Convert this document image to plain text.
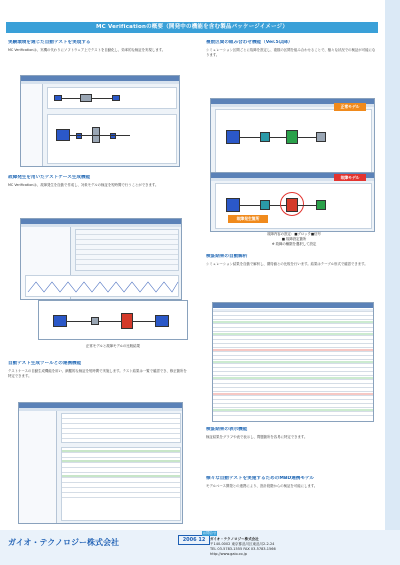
MC Verificationの概要（開発中の機能を含む製品パッケージイメージ）
実験環境を通じた自動テストを実現する
MC Verificationは、実機の代わりにソフトウェア上でテストを自動化し、効率的な検証を実現します。
故障発生を用いたテストケース生成機能
MC Verificationは、故障発生を自動で作成し、対象モデルの検証を短時間で行うことができます。
正常モデルと故障モデルの比較結果
自動テスト生成ツールとの連携機能
テストケースの自動生成機能を用い、網羅的な検証を短時間で実施します。テスト結果は一覧で確認でき、修正箇所を特定できます。
複数区間の組み合わせ機能（Ver.5以降）
シミュレーション区間ごとに故障を設定し、複数の区間を組み合わせることで、様々な状況での検証が可能になります。
正常モデル
故障モデル
故障発生箇所
故障内容の設定：■ブロック■信号
■ 故障設定箇所
※ 故障の種類を選択して設定
検証結果の自動解析
シミュレーション結果を自動で解析し、期待値との比較を行います。結果はテーブル形式で確認できます。
検証結果の表示機能
検証結果をグラフや表で表示し、問題箇所を容易に特定できます。
様々な自動テストを実施するためのMBD連携モデル
モデルベース開発との連携により、設計段階からの検証を可能にします。
ガイオ・テクノロジー株式会社	2006 12
お問合せ
ガイオ・テクノロジー株式会社
〒140-0002 東京都品川区東品川2-2-24
TEL 03-5783-1555 FAX 03-5783-1566
http://www.gaio.co.jp
